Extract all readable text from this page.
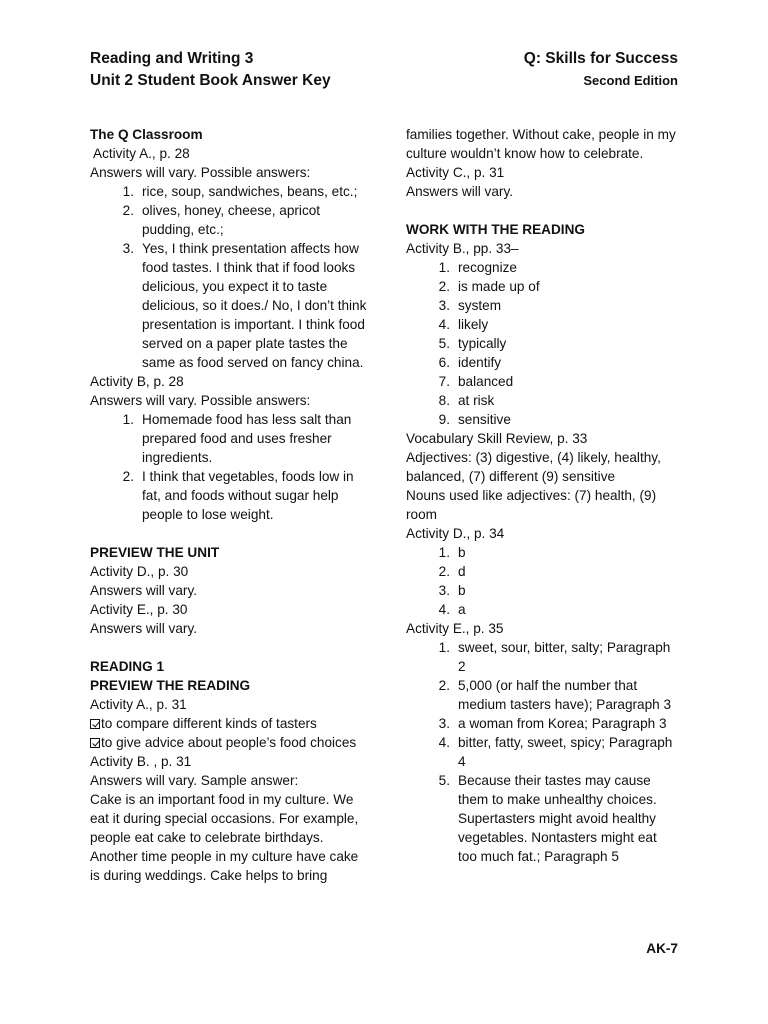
Reading and Writing 3
Unit 2 Student Book Answer Key
Q: Skills for Success
Second Edition

The Q Classroom

Activity A., p. 28

Answers will vary. Possible answers:

1. rice, soup, sandwiches, beans, etc.;
2. olives, honey, cheese, apricot pudding, etc.;
3. Yes, I think presentation affects how food tastes. I think that if food looks delicious, you expect it to taste delicious, so it does./ No, I don’t think presentation is important. I think food served on a paper plate tastes the same as food served on fancy china.

Activity B, p. 28

Answers will vary. Possible answers:

1. Homemade food has less salt than prepared food and uses fresher ingredients.
2. I think that vegetables, foods low in fat, and foods without sugar help people to lose weight.

PREVIEW THE UNIT

Activity D., p. 30

Answers will vary.

Activity E., p. 30

Answers will vary.

READING 1

PREVIEW THE READING

Activity A., p. 31

to compare different kinds of tasters

to give advice about people’s food choices

Activity B. , p. 31

Answers will vary. Sample answer:

Cake is an important food in my culture. We eat it during special occasions. For example, people eat cake to celebrate birthdays. Another time people in my culture have cake is during weddings. Cake helps to bring

families together. Without cake, people in my culture wouldn’t know how to celebrate.

Activity C., p. 31

Answers will vary.

WORK WITH THE READING

Activity B., pp. 33–

1. recognize
2. is made up of
3. system
4. likely
5. typically
6. identify
7. balanced
8. at risk
9. sensitive

Vocabulary Skill Review, p. 33

Adjectives: (3) digestive, (4) likely, healthy, balanced, (7) different (9) sensitive

Nouns used like adjectives: (7) health, (9) room

Activity D., p. 34

1. b
2. d
3. b
4. a

Activity E., p. 35

1. sweet, sour, bitter, salty; Paragraph 2
2. 5,000 (or half the number that medium tasters have); Paragraph 3
3. a woman from Korea; Paragraph 3
4. bitter, fatty, sweet, spicy; Paragraph 4
5. Because their tastes may cause them to make unhealthy choices. Supertasters might avoid healthy vegetables. Nontasters might eat too much fat.; Paragraph 5
AK-7
